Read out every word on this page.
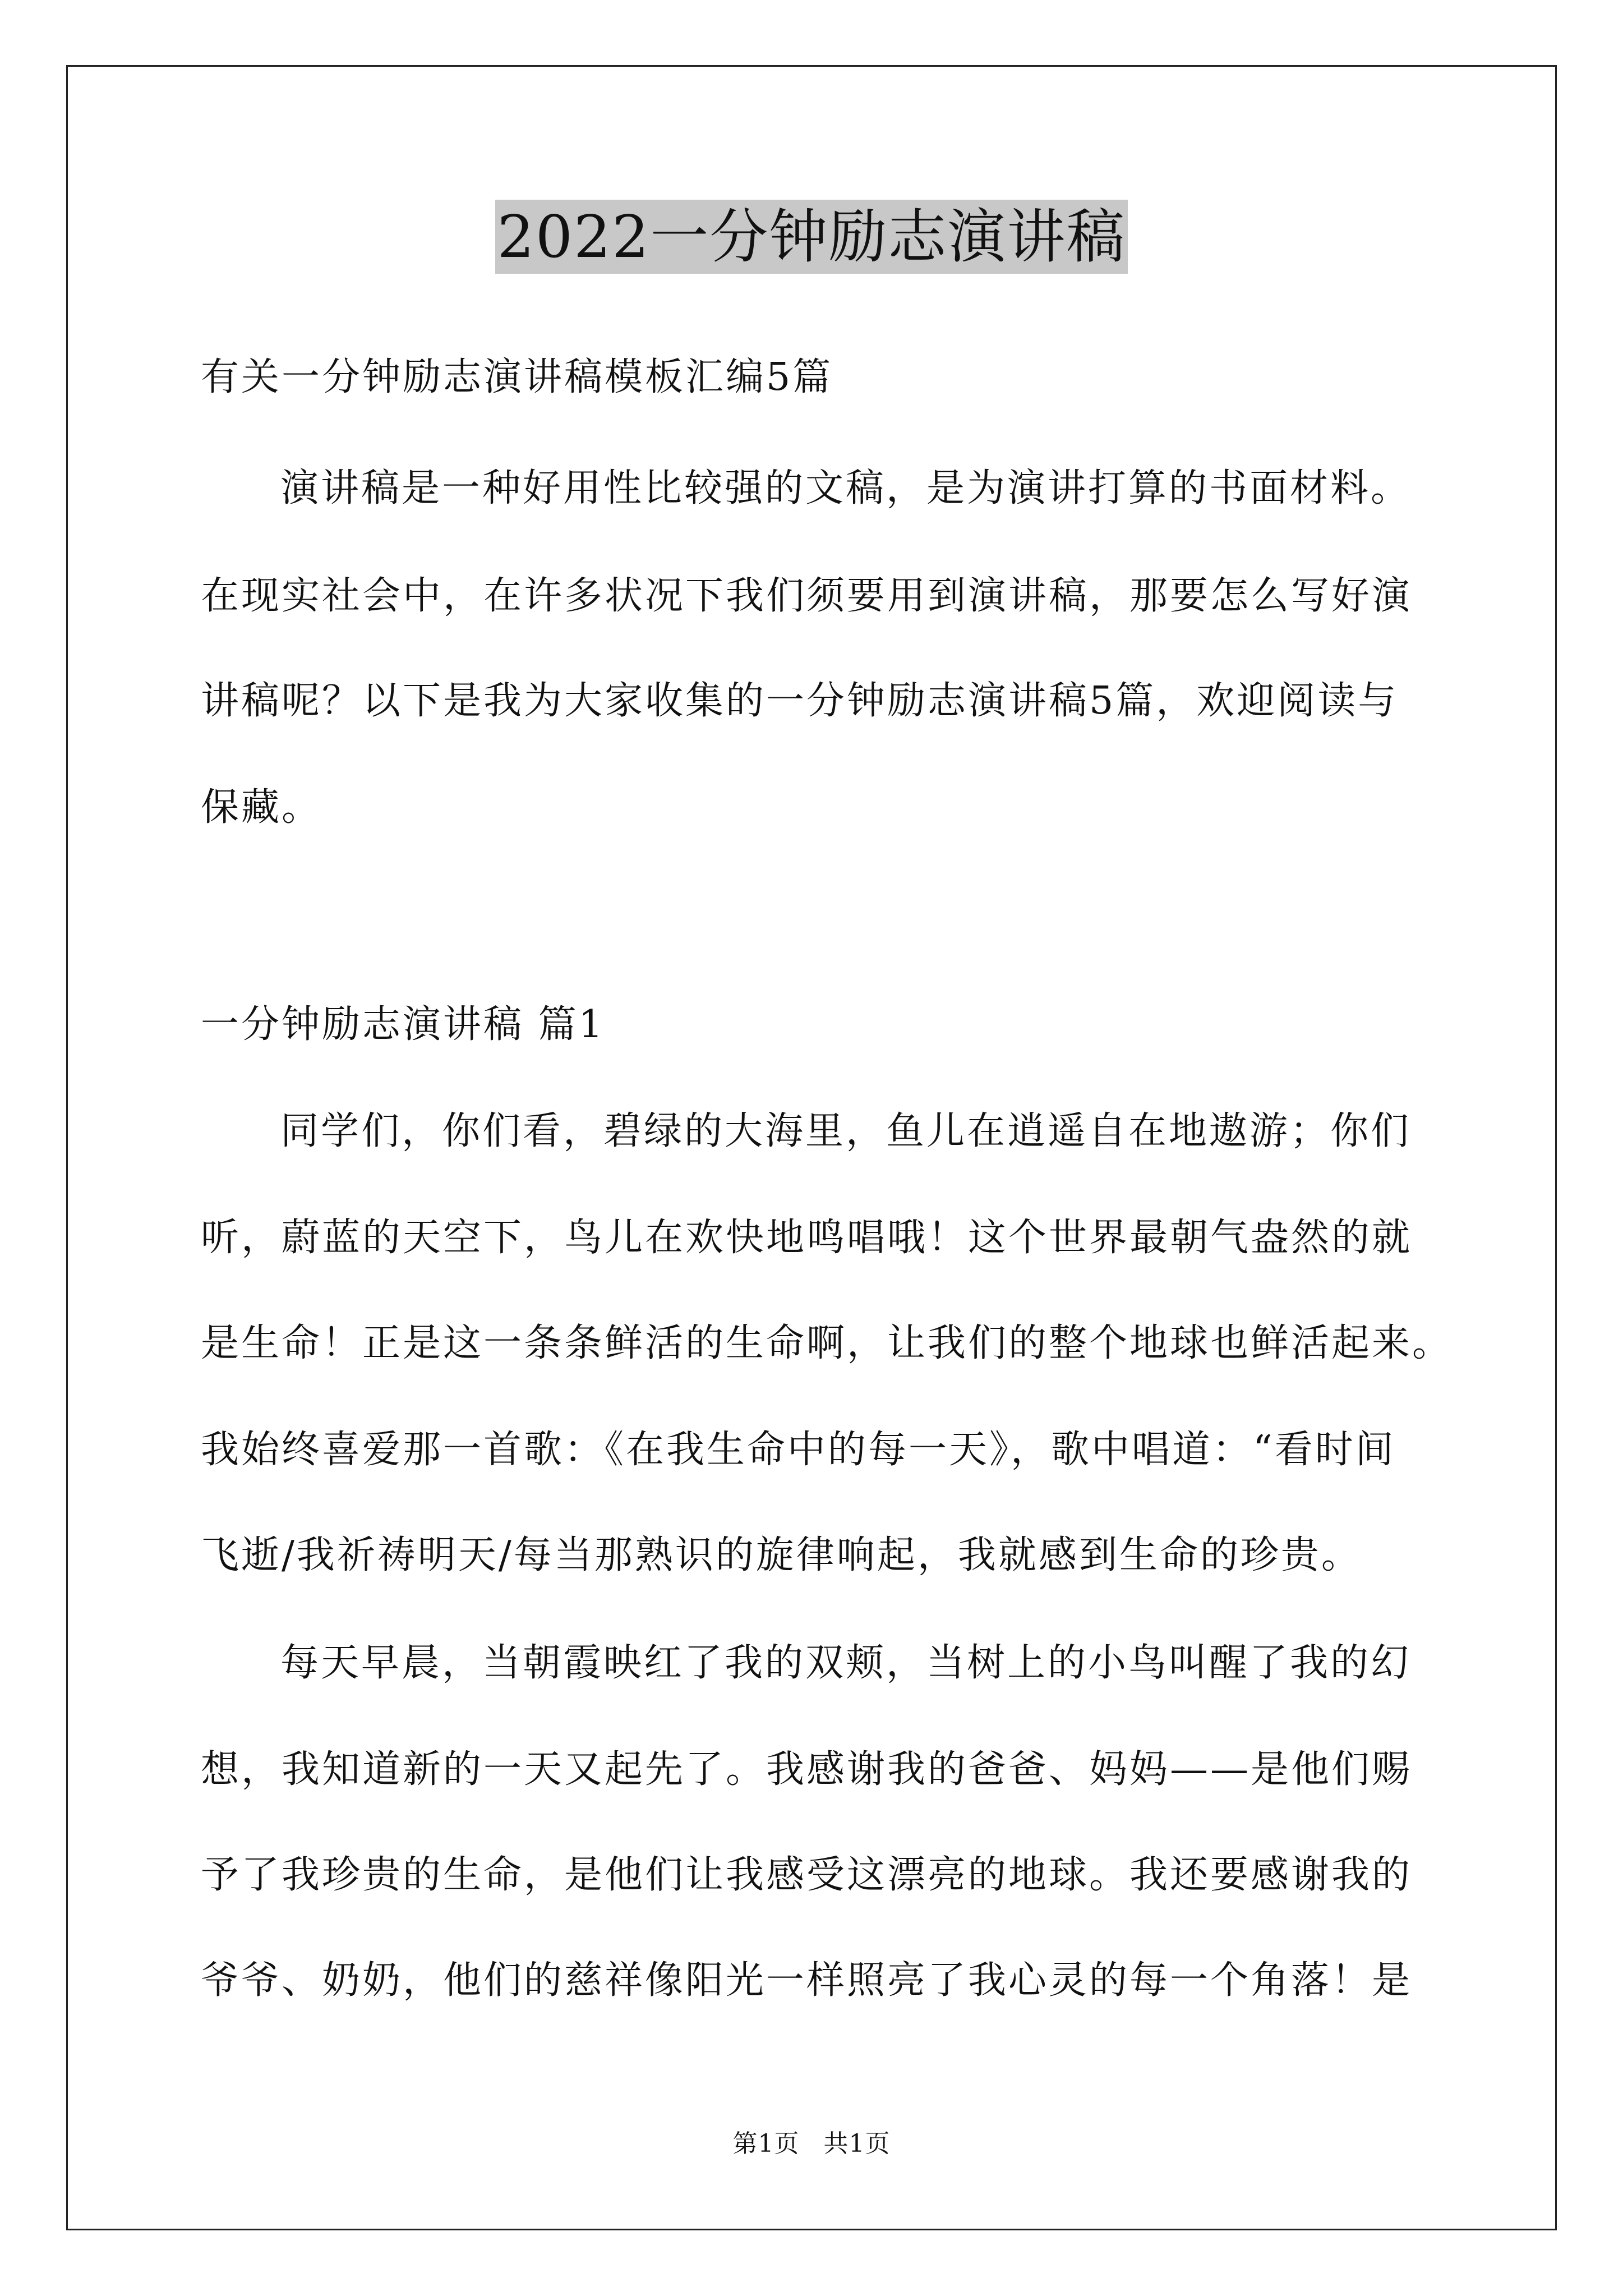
2022一分钟励志演讲稿
有关一分钟励志演讲稿模板汇编5篇
演讲稿是一种好用性比较强的文稿，是为演讲打算的书面材料。
在现实社会中，在许多状况下我们须要用到演讲稿，那要怎么写好演
讲稿呢？以下是我为大家收集的一分钟励志演讲稿5篇，欢迎阅读与
保藏。
一分钟励志演讲稿 篇1
同学们，你们看，碧绿的大海里，鱼儿在逍遥自在地遨游；你们
听，蔚蓝的天空下，鸟儿在欢快地鸣唱哦！这个世界最朝气盎然的就
是生命！正是这一条条鲜活的生命啊，让我们的整个地球也鲜活起来。
我始终喜爱那一首歌：《在我生命中的每一天》，歌中唱道：“看时间
飞逝/我祈祷明天/每当那熟识的旋律响起，我就感到生命的珍贵。
每天早晨，当朝霞映红了我的双颊，当树上的小鸟叫醒了我的幻
想，我知道新的一天又起先了。我感谢我的爸爸、妈妈——是他们赐
予了我珍贵的生命，是他们让我感受这漂亮的地球。我还要感谢我的
爷爷、奶奶，他们的慈祥像阳光一样照亮了我心灵的每一个角落！是
第1页 共1页
